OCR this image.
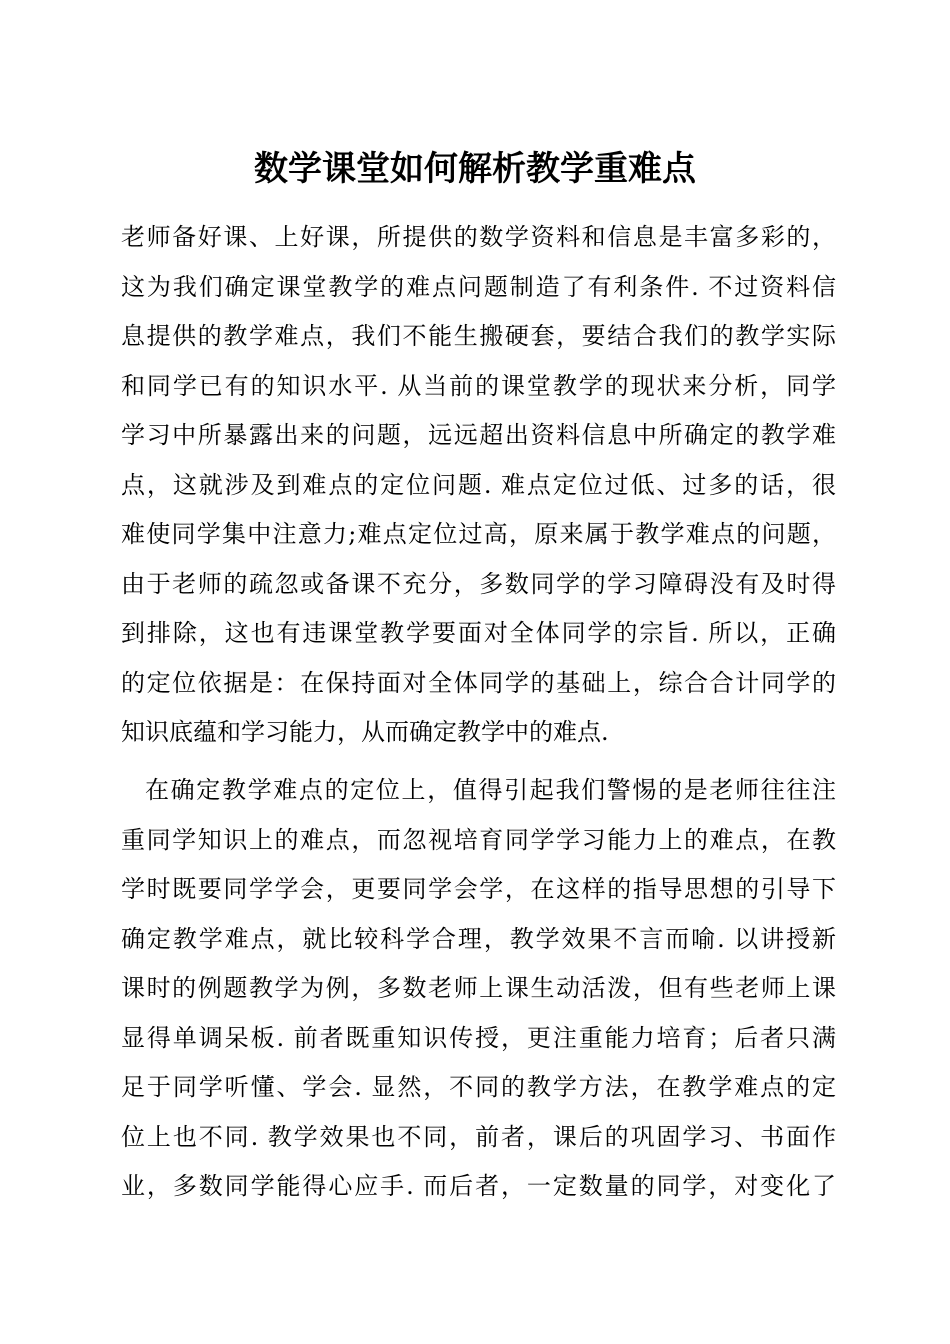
数学课堂如何解析教学重难点
老师备好课、上好课，所提供的数学资料和信息是丰富多彩的，
这为我们确定课堂教学的难点问题制造了有利条件. 不过资料信
息提供的教学难点，我们不能生搬硬套，要结合我们的教学实际
和同学已有的知识水平. 从当前的课堂教学的现状来分析，同学
学习中所暴露出来的问题，远远超出资料信息中所确定的教学难
点，这就涉及到难点的定位问题. 难点定位过低、过多的话，很
难使同学集中注意力;难点定位过高，原来属于教学难点的问题，
由于老师的疏忽或备课不充分，多数同学的学习障碍没有及时得
到排除，这也有违课堂教学要面对全体同学的宗旨. 所以，正确
的定位依据是：在保持面对全体同学的基础上，综合合计同学的
知识底蕴和学习能力，从而确定教学中的难点.
在确定教学难点的定位上，值得引起我们警惕的是老师往往注
重同学知识上的难点，而忽视培育同学学习能力上的难点，在教
学时既要同学学会，更要同学会学，在这样的指导思想的引导下
确定教学难点，就比较科学合理，教学效果不言而喻. 以讲授新
课时的例题教学为例，多数老师上课生动活泼，但有些老师上课
显得单调呆板. 前者既重知识传授，更注重能力培育；后者只满
足于同学听懂、学会. 显然，不同的教学方法，在教学难点的定
位上也不同. 教学效果也不同，前者，课后的巩固学习、书面作
业，多数同学能得心应手. 而后者，一定数量的同学，对变化了
